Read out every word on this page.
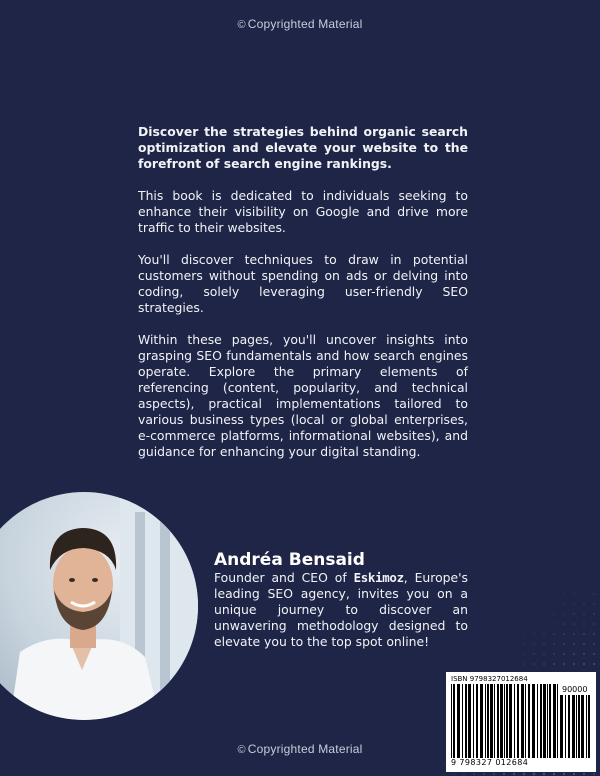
© Copyrighted Material

Discover the strategies behind organic search optimization and elevate your website to the forefront of search engine rankings.

This book is dedicated to individuals seeking to enhance their visibility on Google and drive more traffic to their websites.

You'll discover techniques to draw in potential customers without spending on ads or delving into coding, solely leveraging user-friendly SEO strategies.

Within these pages, you'll uncover insights into grasping SEO fundamentals and how search engines operate. Explore the primary elements of referencing (content, popularity, and technical aspects), practical implementations tailored to various business types (local or global enterprises, e-commerce platforms, informational websites), and guidance for enhancing your digital standing.

Andréa Bensaid
Founder and CEO of Eskimoz, Europe's leading SEO agency, invites you on a unique journey to discover an unwavering methodology designed to elevate you to the top spot online!
ISBN 9798327012684
90000
9 798327 012684
© Copyrighted Material
